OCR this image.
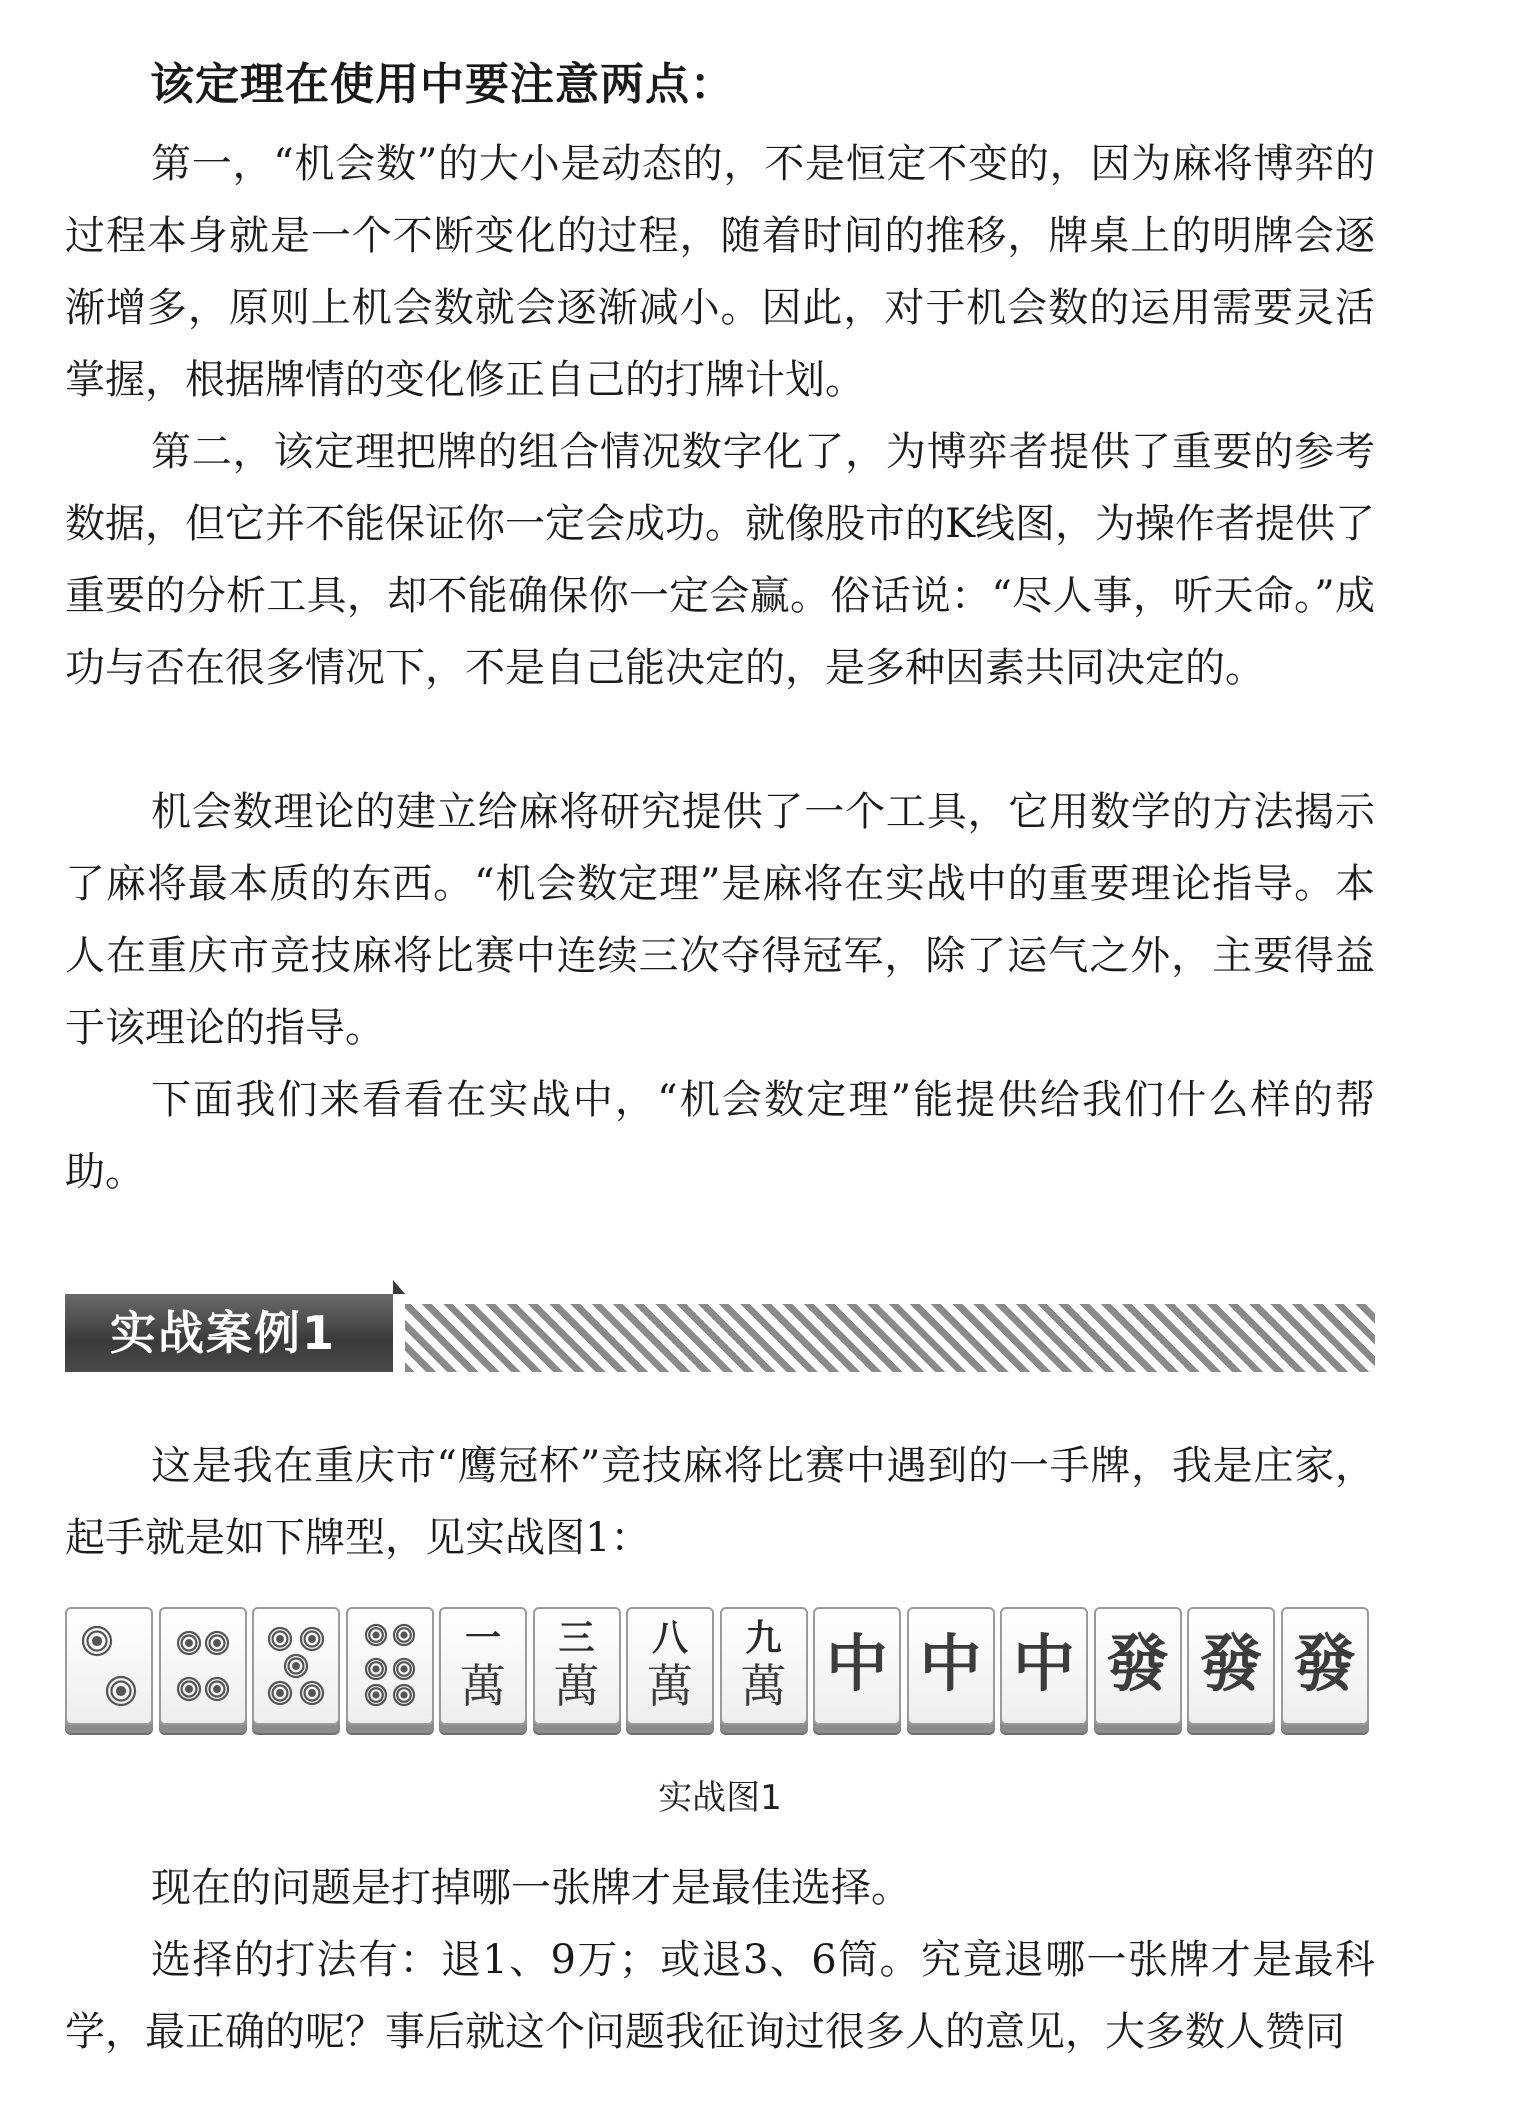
该定理在使用中要注意两点：

第一，“机会数”的大小是动态的，不是恒定不变的，因为麻将博弈的过程本身就是一个不断变化的过程，随着时间的推移，牌桌上的明牌会逐渐增多，原则上机会数就会逐渐减小。因此，对于机会数的运用需要灵活掌握，根据牌情的变化修正自己的打牌计划。

第二，该定理把牌的组合情况数字化了，为博弈者提供了重要的参考数据，但它并不能保证你一定会成功。就像股市的K线图，为操作者提供了重要的分析工具，却不能确保你一定会赢。俗话说：“尽人事，听天命。”成功与否在很多情况下，不是自己能决定的，是多种因素共同决定的。

机会数理论的建立给麻将研究提供了一个工具，它用数学的方法揭示了麻将最本质的东西。“机会数定理”是麻将在实战中的重要理论指导。本人在重庆市竞技麻将比赛中连续三次夺得冠军，除了运气之外，主要得益于该理论的指导。

下面我们来看看在实战中，“机会数定理”能提供给我们什么样的帮助。

实战案例1

这是我在重庆市“鹰冠杯”竞技麻将比赛中遇到的一手牌，我是庄家，起手就是如下牌型，见实战图1：

一
萬
三
萬
八
萬
九
萬 中 中 中 發 發 發
实战图1

现在的问题是打掉哪一张牌才是最佳选择。

选择的打法有：退1、9万；或退3、6筒。究竟退哪一张牌才是最科学，最正确的呢？事后就这个问题我征询过很多人的意见，大多数人赞同
